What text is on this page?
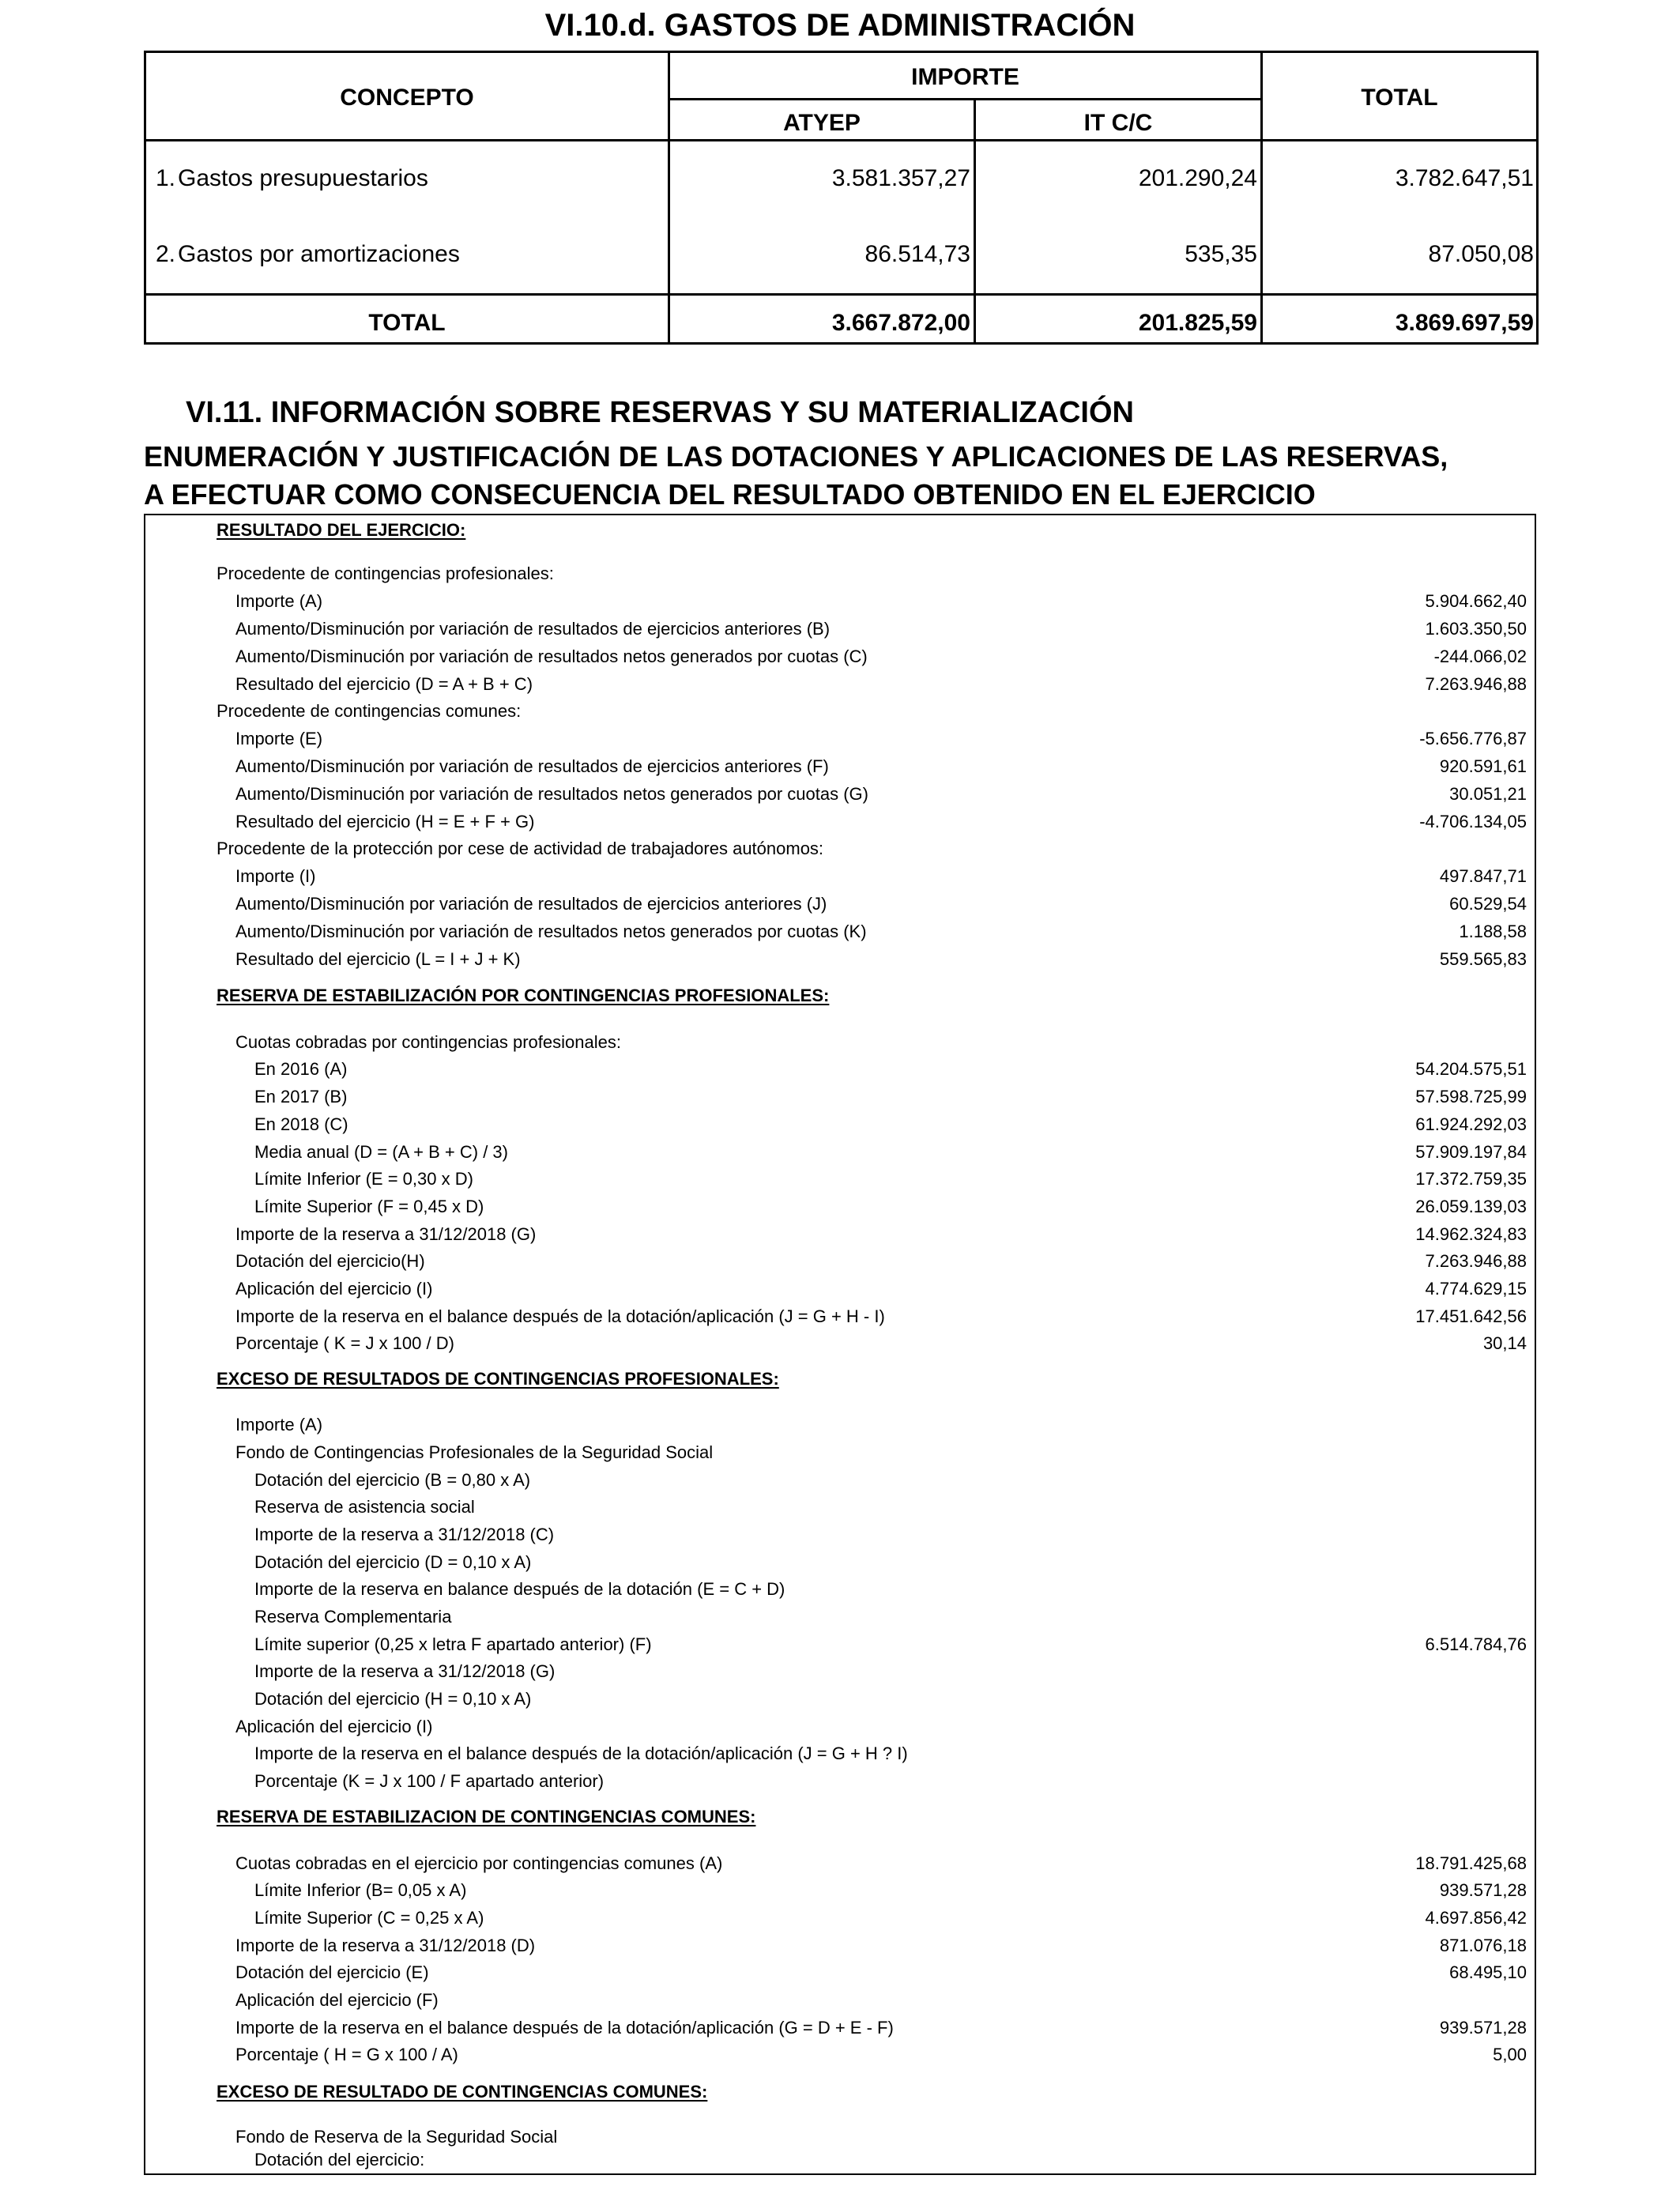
VI.10.d. GASTOS DE ADMINISTRACIÓN
CONCEPTO
IMPORTE
ATYEP	IT C/C
TOTAL
1. Gastos presupuestarios	3.581.357,27	201.290,24	3.782.647,51
2. Gastos por amortizaciones	86.514,73	535,35	87.050,08
TOTAL	3.667.872,00	201.825,59	3.869.697,59
VI.11. INFORMACIÓN SOBRE RESERVAS Y SU MATERIALIZACIÓN
ENUMERACIÓN Y JUSTIFICACIÓN DE LAS DOTACIONES Y APLICACIONES DE LAS RESERVAS,
A EFECTUAR COMO CONSECUENCIA DEL RESULTADO OBTENIDO EN EL EJERCICIO
RESULTADO DEL EJERCICIO:
Procedente de contingencias profesionales:
Importe (A)	5.904.662,40
Aumento/Disminución por variación de resultados de ejercicios anteriores (B)	1.603.350,50
Aumento/Disminución por variación de resultados netos generados por cuotas (C)	-244.066,02
Resultado del ejercicio (D = A + B + C)	7.263.946,88
Procedente de contingencias comunes:
Importe (E)	-5.656.776,87
Aumento/Disminución por variación de resultados de ejercicios anteriores (F)	920.591,61
Aumento/Disminución por variación de resultados netos generados por cuotas (G)	30.051,21
Resultado del ejercicio (H = E + F + G)	-4.706.134,05
Procedente de la protección por cese de actividad de trabajadores autónomos:
Importe (I)	497.847,71
Aumento/Disminución por variación de resultados de ejercicios anteriores (J)	60.529,54
Aumento/Disminución por variación de resultados netos generados por cuotas (K)	1.188,58
Resultado del ejercicio (L = I + J + K)	559.565,83
RESERVA DE ESTABILIZACIÓN POR CONTINGENCIAS PROFESIONALES:
Cuotas cobradas por contingencias profesionales:
En 2016 (A)	54.204.575,51
En 2017 (B)	57.598.725,99
En 2018 (C)	61.924.292,03
Media anual (D = (A + B + C) / 3)	57.909.197,84
Límite Inferior (E = 0,30 x D)	17.372.759,35
Límite Superior (F = 0,45 x D)	26.059.139,03
Importe de la reserva a 31/12/2018 (G)	14.962.324,83
Dotación del ejercicio(H)	7.263.946,88
Aplicación del ejercicio (I)	4.774.629,15
Importe de la reserva en el balance después de la dotación/aplicación (J = G + H - I)	17.451.642,56
Porcentaje ( K = J x 100 / D)	30,14
EXCESO DE RESULTADOS DE CONTINGENCIAS PROFESIONALES:
Importe (A)
Fondo de Contingencias Profesionales de la Seguridad Social
Dotación del ejercicio (B = 0,80 x A)
Reserva de asistencia social
Importe de la reserva a 31/12/2018 (C)
Dotación del ejercicio (D = 0,10 x A)
Importe de la reserva en balance después de la dotación (E = C + D)
Reserva Complementaria
Límite superior (0,25 x letra F apartado anterior) (F)	6.514.784,76
Importe de la reserva a 31/12/2018 (G)
Dotación del ejercicio (H = 0,10 x A)
Aplicación del ejercicio (I)
Importe de la reserva en el balance después de la dotación/aplicación (J = G + H ? I)
Porcentaje (K = J x 100 / F apartado anterior)
RESERVA DE ESTABILIZACION DE CONTINGENCIAS COMUNES:
Cuotas cobradas en el ejercicio por contingencias comunes (A)	18.791.425,68
Límite Inferior (B= 0,05 x A)	939.571,28
Límite Superior (C = 0,25 x A)	4.697.856,42
Importe de la reserva a 31/12/2018 (D)	871.076,18
Dotación del ejercicio (E)	68.495,10
Aplicación del ejercicio (F)
Importe de la reserva en el balance después de la dotación/aplicación (G = D + E - F)	939.571,28
Porcentaje ( H = G x 100 / A)	5,00
EXCESO DE RESULTADO DE CONTINGENCIAS COMUNES:
Fondo de Reserva de la Seguridad Social
Dotación del ejercicio:
